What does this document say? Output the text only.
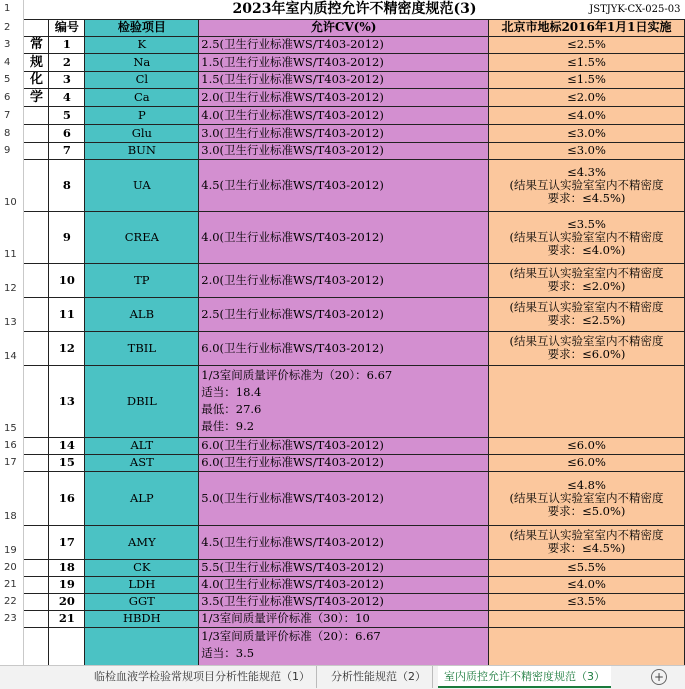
1	2023年室内质控允许不精密度规范(3) JSTJYK-CX-025-03				

2		编号	检验项目	允许CV(%)	北京市地标2016年1月1日实施
3	常	1	K	2.5(卫生行业标准WS/T403-2012)	≤2.5%
4	规	2	Na	1.5(卫生行业标准WS/T403-2012)	≤1.5%
5	化	3	Cl	1.5(卫生行业标准WS/T403-2012)	≤1.5%
6	学	4	Ca	2.0(卫生行业标准WS/T403-2012)	≤2.0%
7		5	P	4.0(卫生行业标准WS/T403-2012)	≤4.0%
8		6	Glu	3.0(卫生行业标准WS/T403-2012)	≤3.0%
9		7	BUN	3.0(卫生行业标准WS/T403-2012)	≤3.0%
10		8	UA	4.5(卫生行业标准WS/T403-2012)	≤4.3%
(结果互认实验室室内不精密度
要求：≤4.5%)
11		9	CREA	4.0(卫生行业标准WS/T403-2012)	≤3.5%
(结果互认实验室室内不精密度
要求：≤4.0%)
12		10	TP	2.0(卫生行业标准WS/T403-2012)	(结果互认实验室室内不精密度
要求：≤2.0%)
13		11	ALB	2.5(卫生行业标准WS/T403-2012)	(结果互认实验室室内不精密度
要求：≤2.5%)
14		12	TBIL	6.0(卫生行业标准WS/T403-2012)	(结果互认实验室室内不精密度
要求：≤6.0%)
15		13	DBIL	1/3室间质量评价标准为（20）：6.67
适当：18.4
最低：27.6
最佳：9.2	
16		14	ALT	6.0(卫生行业标准WS/T403-2012)	≤6.0%
17		15	AST	6.0(卫生行业标准WS/T403-2012)	≤6.0%
18		16	ALP	5.0(卫生行业标准WS/T403-2012)	≤4.8%
(结果互认实验室室内不精密度
要求：≤5.0%)
19		17	AMY	4.5(卫生行业标准WS/T403-2012)	(结果互认实验室室内不精密度
要求：≤4.5%)
20		18	CK	5.5(卫生行业标准WS/T403-2012)	≤5.5%
21		19	LDH	4.0(卫生行业标准WS/T403-2012)	≤4.0%
22		20	GGT	3.5(卫生行业标准WS/T403-2012)	≤3.5%
23		21	HBDH	1/3室间质量评价标准（30）：10	
				1/3室间质量评价标准（20）：6.67
适当：3.5	
临检血液学检验常规项目分析性能规范（1）	分析性能规范（2）	室内质控允许不精密度规范（3）	+
